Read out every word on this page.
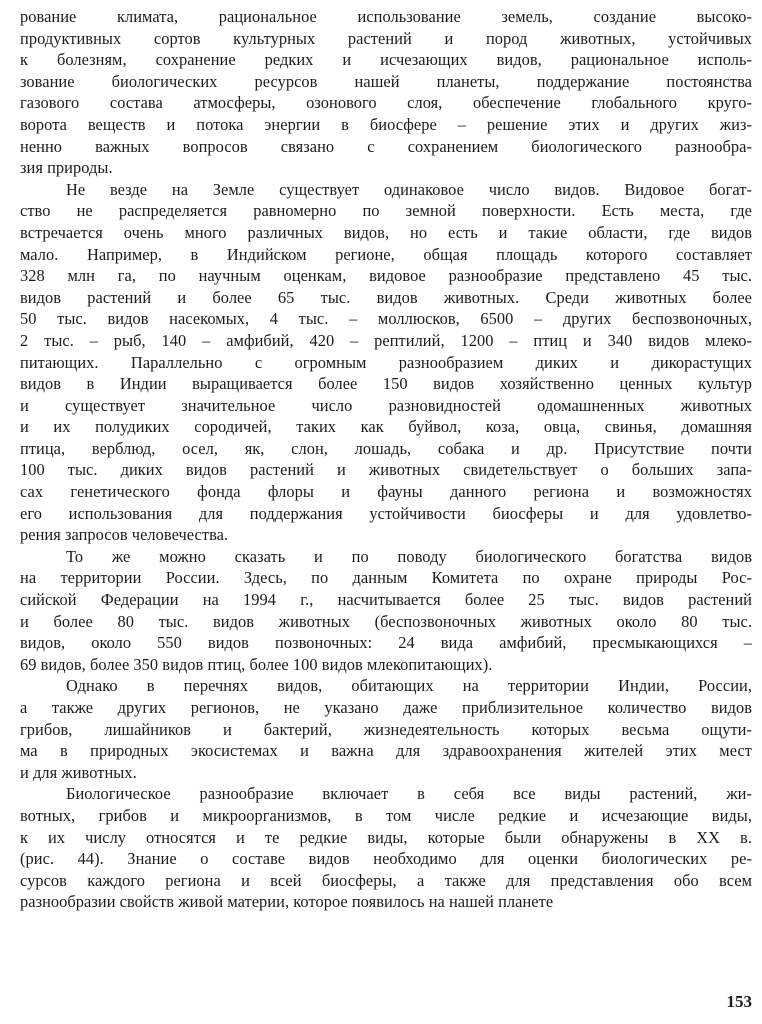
рование климата, рациональное использование земель, создание высоко-
продуктивных сортов культурных растений и пород животных, устойчивых
к болезням, сохранение редких и исчезающих видов, рациональное исполь-
зование биологических ресурсов нашей планеты, поддержание постоянства
газового состава атмосферы, озонового слоя, обеспечение глобального круго-
ворота веществ и потока энергии в биосфере – решение этих и других жиз-
ненно важных вопросов связано с сохранением биологического разнообра-
зия природы.
Не везде на Земле существует одинаковое число видов. Видовое богат-
ство не распределяется равномерно по земной поверхности. Есть места, где
встречается очень много различных видов, но есть и такие области, где видов
мало. Например, в Индийском регионе, общая площадь которого составляет
328 млн га, по научным оценкам, видовое разнообразие представлено 45 тыс.
видов растений и более 65 тыс. видов животных. Среди животных более
50 тыс. видов насекомых, 4 тыс. – моллюсков, 6500 – других беспозвоночных,
2 тыс. – рыб, 140 – амфибий, 420 – рептилий, 1200 – птиц и 340 видов млеко-
питающих. Параллельно с огромным разнообразием диких и дикорастущих
видов в Индии выращивается более 150 видов хозяйственно ценных культур
и существует значительное число разновидностей одомашненных животных
и их полудиких сородичей, таких как буйвол, коза, овца, свинья, домашняя
птица, верблюд, осел, як, слон, лошадь, собака и др. Присутствие почти
100 тыс. диких видов растений и животных свидетельствует о больших запа-
сах генетического фонда флоры и фауны данного региона и возможностях
его использования для поддержания устойчивости биосферы и для удовлетво-
рения запросов человечества.
То же можно сказать и по поводу биологического богатства видов
на территории России. Здесь, по данным Комитета по охране природы Рос-
сийской Федерации на 1994 г., насчитывается более 25 тыс. видов растений
и более 80 тыс. видов животных (беспозвоночных животных около 80 тыс.
видов, около 550 видов позвоночных: 24 вида амфибий, пресмыкающихся –
69 видов, более 350 видов птиц, более 100 видов млекопитающих).
Однако в перечнях видов, обитающих на территории Индии, России,
а также других регионов, не указано даже приблизительное количество видов
грибов, лишайников и бактерий, жизнедеятельность которых весьма ощути-
ма в природных экосистемах и важна для здравоохранения жителей этих мест
и для животных.
Биологическое разнообразие включает в себя все виды растений, жи-
вотных, грибов и микроорганизмов, в том числе редкие и исчезающие виды,
к их числу относятся и те редкие виды, которые были обнаружены в XX в.
(рис. 44). Знание о составе видов необходимо для оценки биологических ре-
сурсов каждого региона и всей биосферы, а также для представления обо всем
разнообразии свойств живой материи, которое появилось на нашей планете
153
